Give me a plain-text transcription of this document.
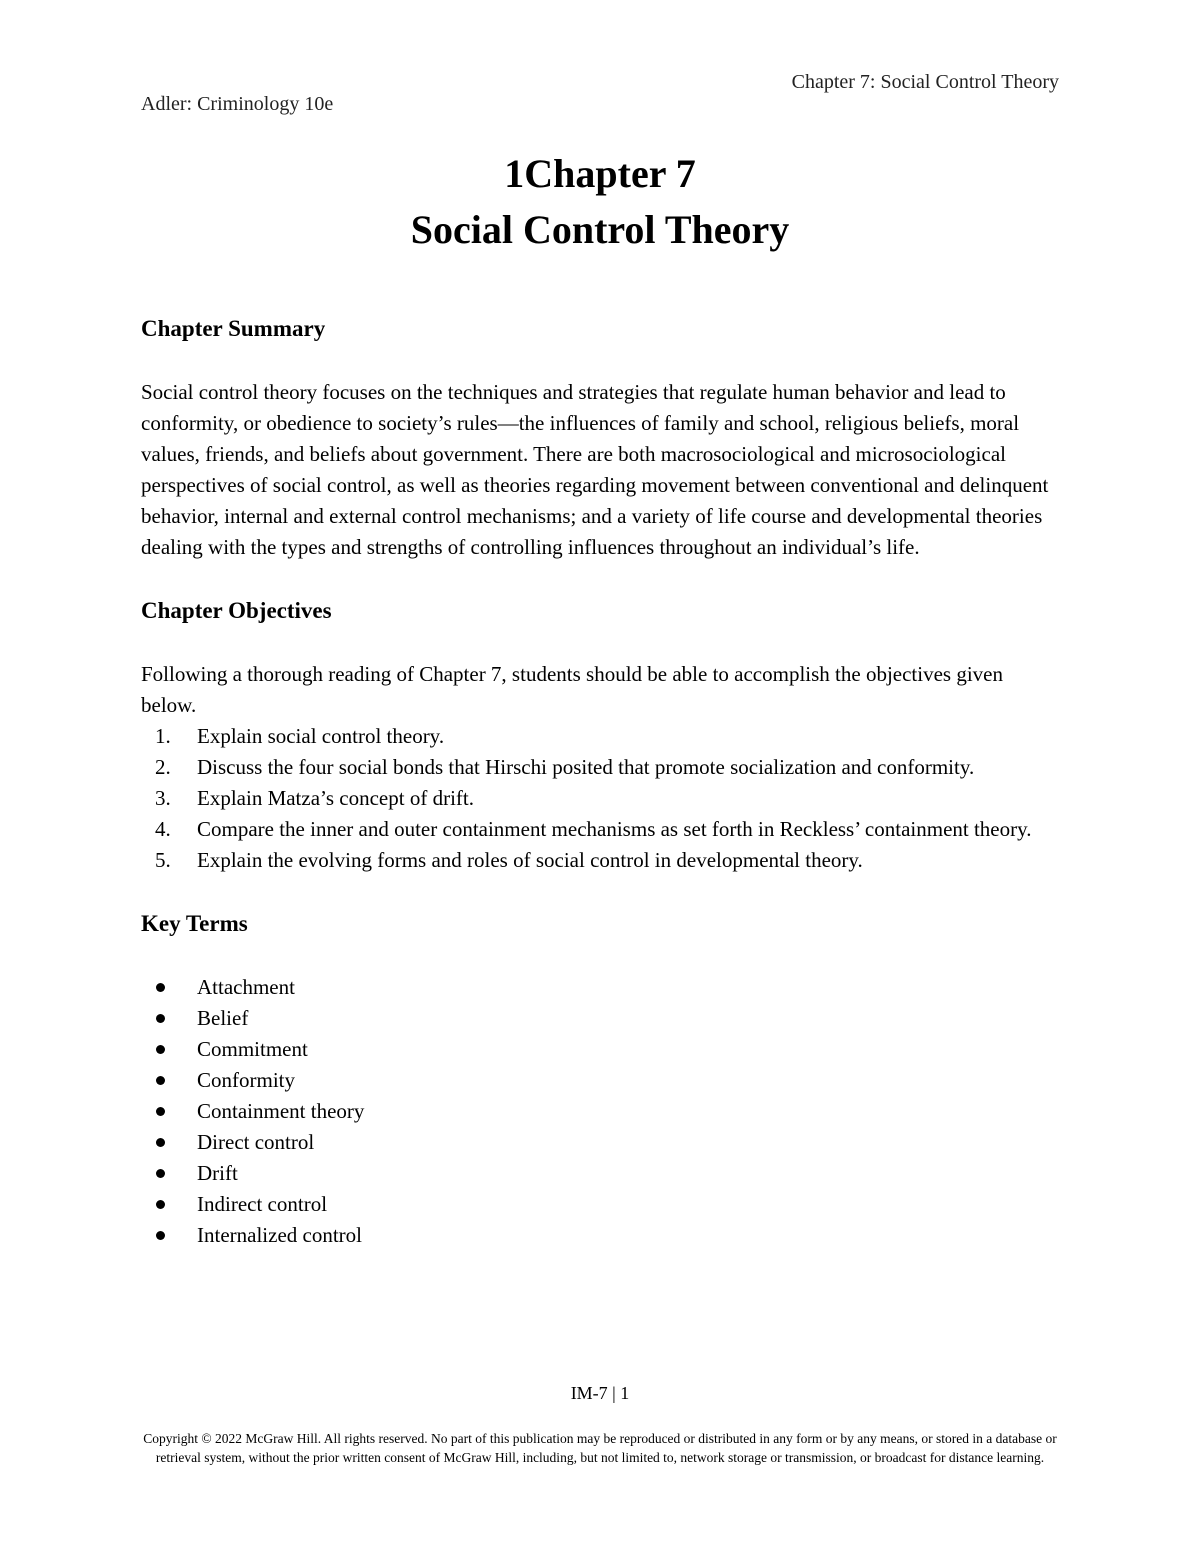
Chapter 7: Social Control Theory
Adler: Criminology 10e
1Chapter 7
Social Control Theory
Chapter Summary

Social control theory focuses on the techniques and strategies that regulate human behavior and lead to conformity, or obedience to society’s rules—the influences of family and school, religious beliefs, moral values, friends, and beliefs about government. There are both macrosociological and microsociological perspectives of social control, as well as theories regarding movement between conventional and delinquent behavior, internal and external control mechanisms; and a variety of life course and developmental theories dealing with the types and strengths of controlling influences throughout an individual’s life.

Chapter Objectives

Following a thorough reading of Chapter 7, students should be able to accomplish the objectives given below.

1. Explain social control theory.
2. Discuss the four social bonds that Hirschi posited that promote socialization and conformity.
3. Explain Matza’s concept of drift.
4. Compare the inner and outer containment mechanisms as set forth in Reckless’ containment theory.
5. Explain the evolving forms and roles of social control in developmental theory.
Key Terms
Attachment
Belief
Commitment
Conformity
Containment theory
Direct control
Drift
Indirect control
Internalized control
IM-7 | 1
Copyright © 2022 McGraw Hill. All rights reserved. No part of this publication may be reproduced or distributed in any form or by any means, or stored in a database or retrieval system, without the prior written consent of McGraw Hill, including, but not limited to, network storage or transmission, or broadcast for distance learning.
